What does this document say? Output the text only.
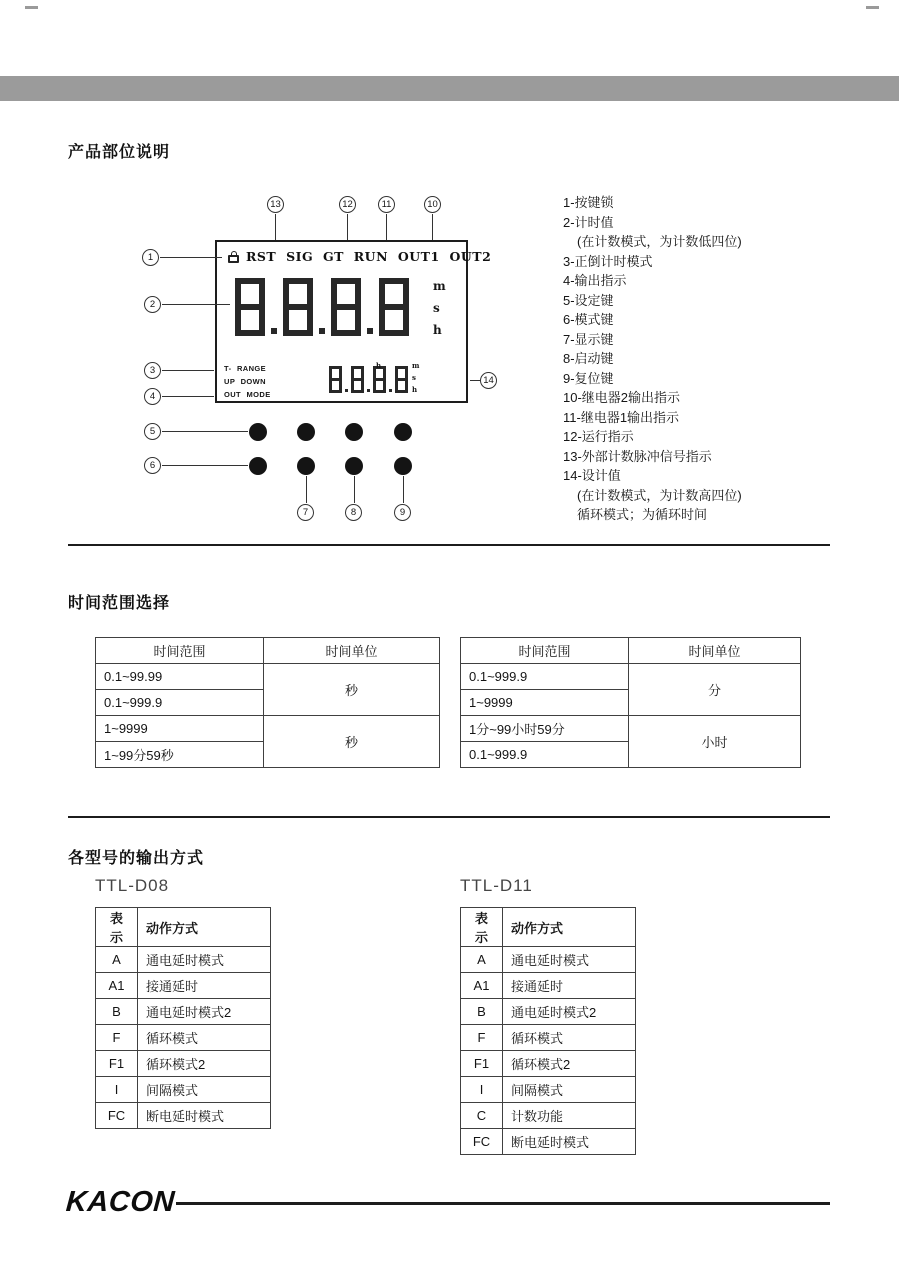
产品部位说明
RST SIG GT RUN OUT1 OUT2
m
s
h
T- RANGE
UP DOWN
OUT MODE
h	m
s
h
1
2
3
4
5
6
7	8	9
10
11
12
13
14
1-按键锁
2-计时值
(在计数模式，为计数低四位)
3-正倒计时模式
4-输出指示
5-设定键
6-模式键
7-显示键
8-启动键
9-复位键
10-继电器2输出指示
11-继电器1输出指示
12-运行指示
13-外部计数脉冲信号指示
14-设计值
(在计数模式，为计数高四位)
循环模式；为循环时间
时间范围选择
时间范围	时间单位
0.1~99.99	秒
0.1~999.9	
1~9999	秒
1~99分59秒	
时间范围	时间单位
0.1~999.9	分
1~9999	
1分~99小时59分	小时
0.1~999.9	
各型号的输出方式
TTL-D08	TTL-D11
表示	动作方式
A	通电延时模式
A1	接通延时
B	通电延时模式2
F	循环模式
F1	循环模式2
I	间隔模式
FC	断电延时模式
表示	动作方式
A	通电延时模式
A1	接通延时
B	通电延时模式2
F	循环模式
F1	循环模式2
I	间隔模式
C	计数功能
FC	断电延时模式
KACON
